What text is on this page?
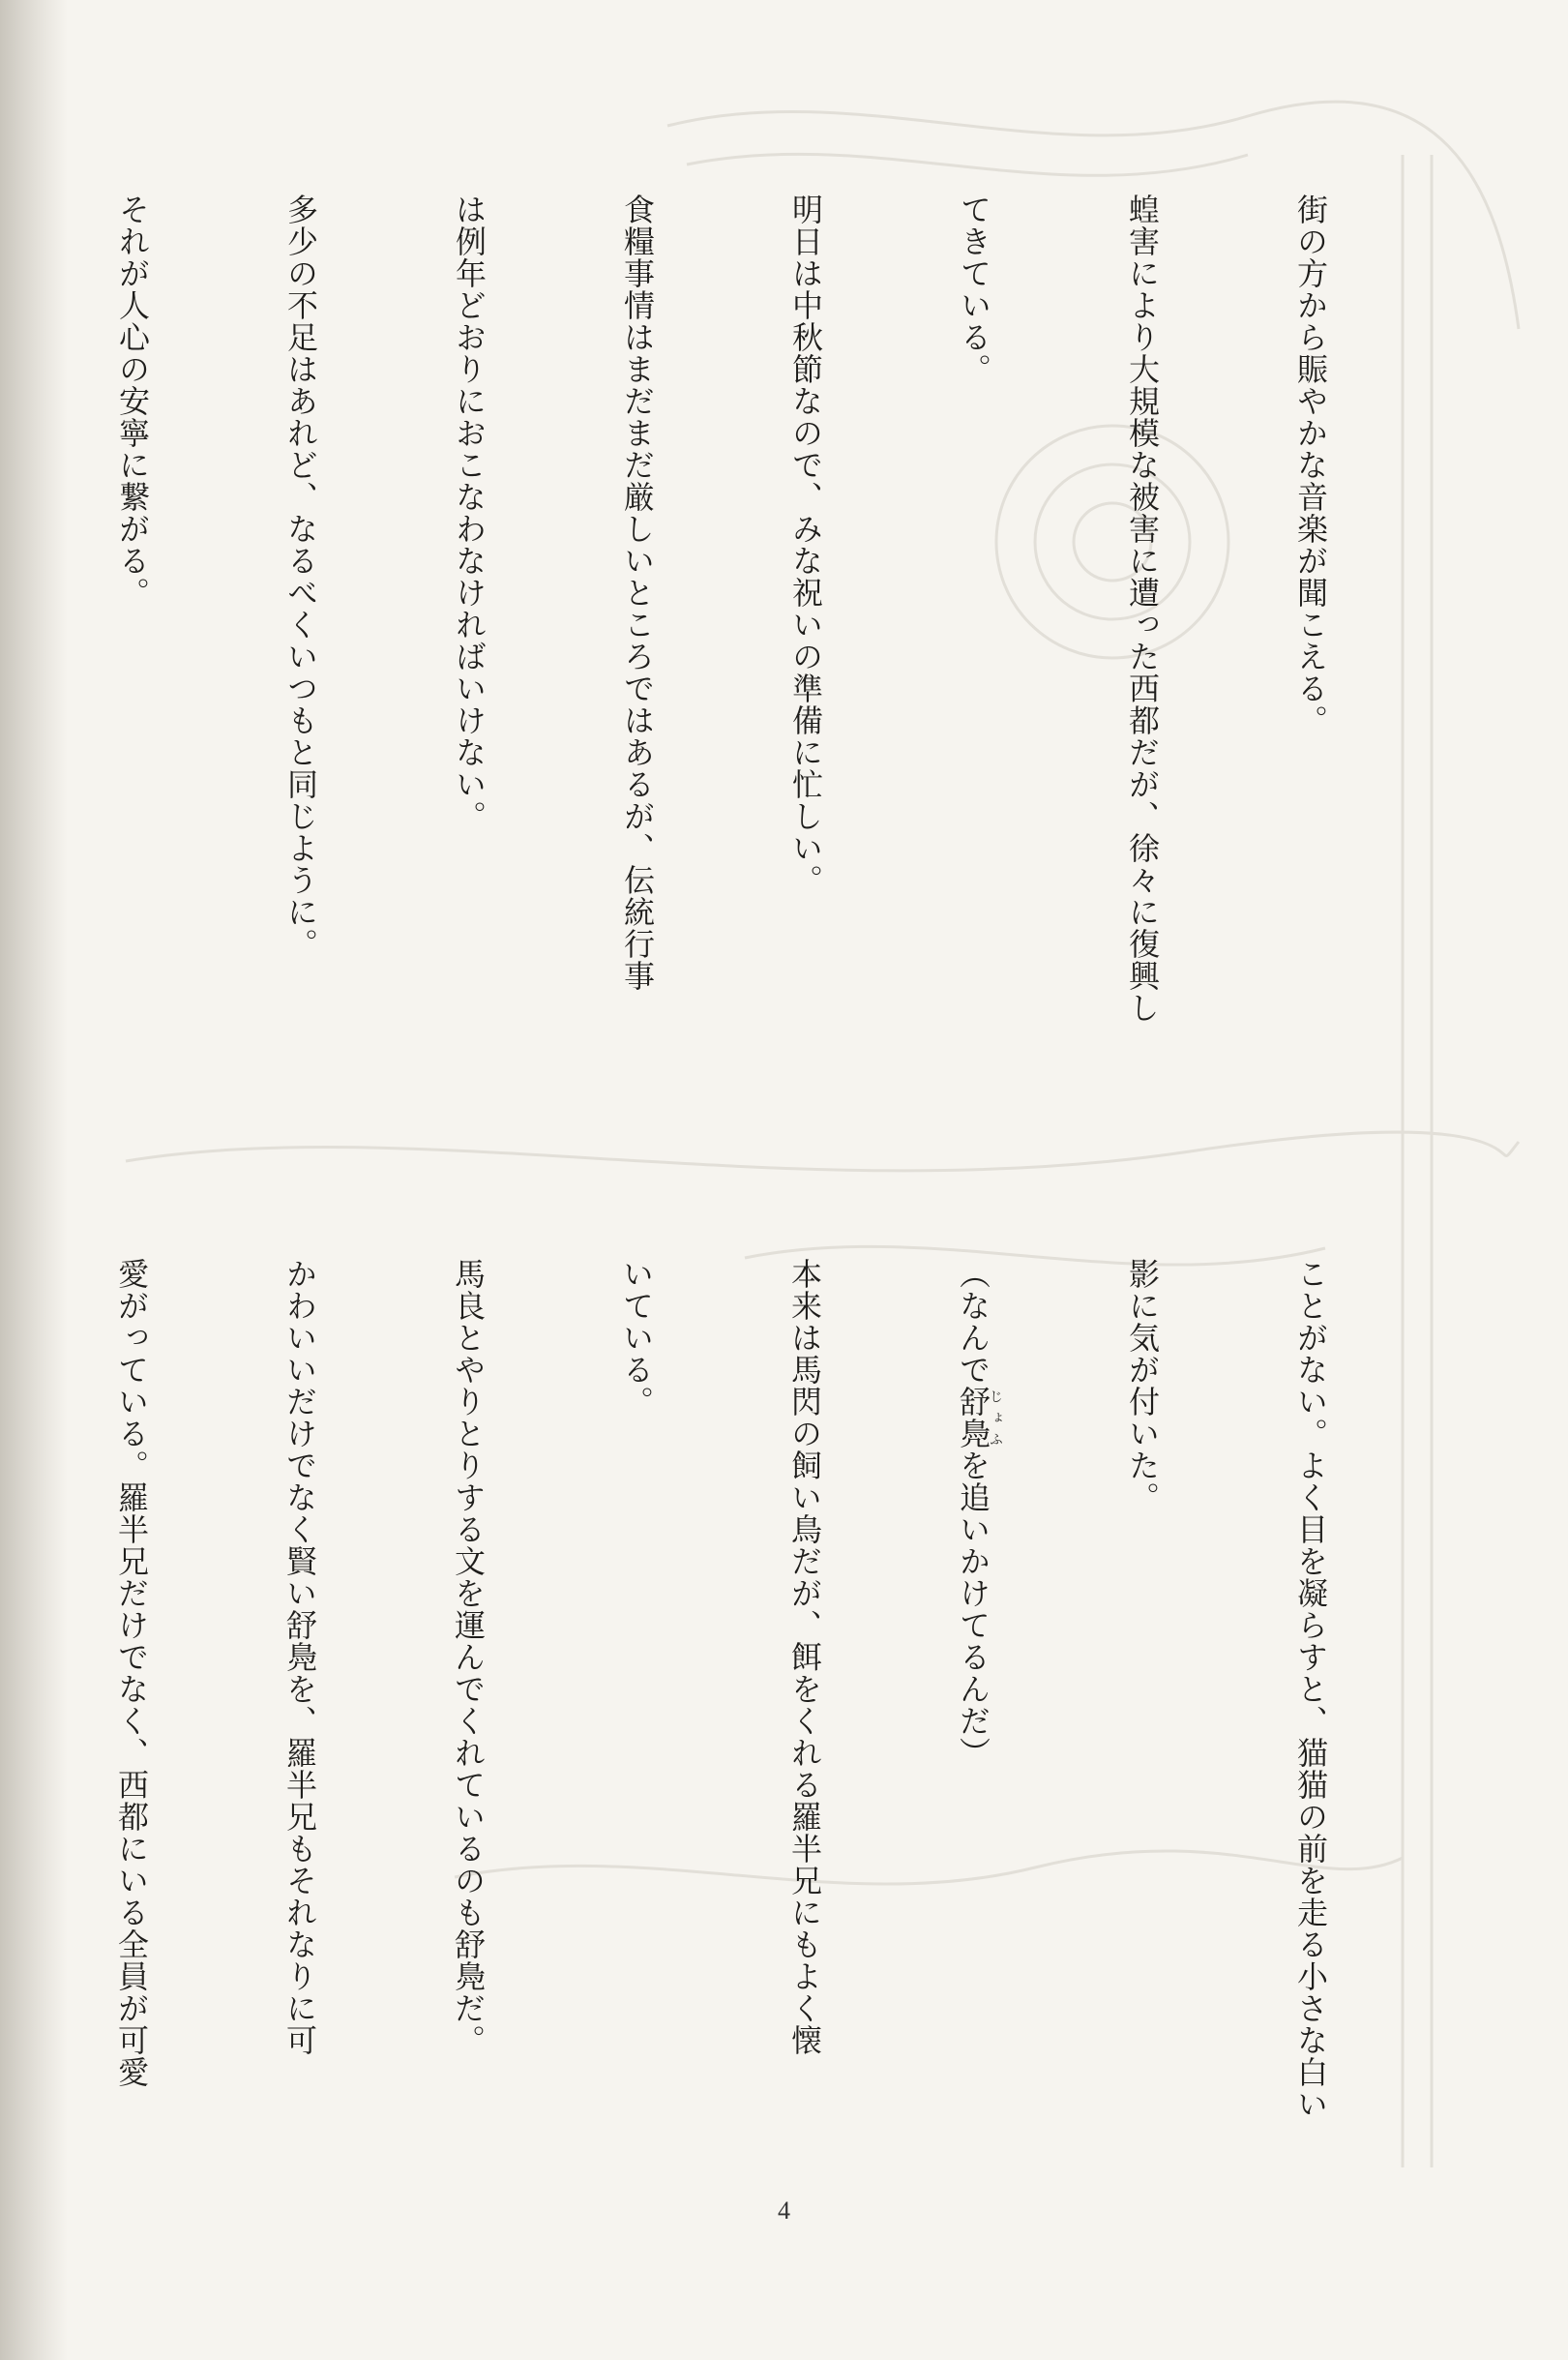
街の方から賑やかな音楽が聞こえる。

蝗害により大規模な被害に遭った西都だが、徐々に復興し

てきている。

明日は中秋節なので、みな祝いの準備に忙しい。

食糧事情はまだまだ厳しいところではあるが、伝統行事

は例年どおりにおこなわなければいけない。

多少の不足はあれど、なるべくいつもと同じように。

それが人心の安寧に繋がる。

ことがない。よく目を凝らすと、猫猫の前を走る小さな白い

影に気が付いた。

（なんで舒鳧じょふを追いかけてるんだ）

本来は馬閃の飼い鳥だが、餌をくれる羅半兄にもよく懐

いている。

馬良とやりとりする文を運んでくれているのも舒鳧だ。

かわいいだけでなく賢い舒鳧を、羅半兄もそれなりに可

愛がっている。羅半兄だけでなく、西都にいる全員が可愛

4
